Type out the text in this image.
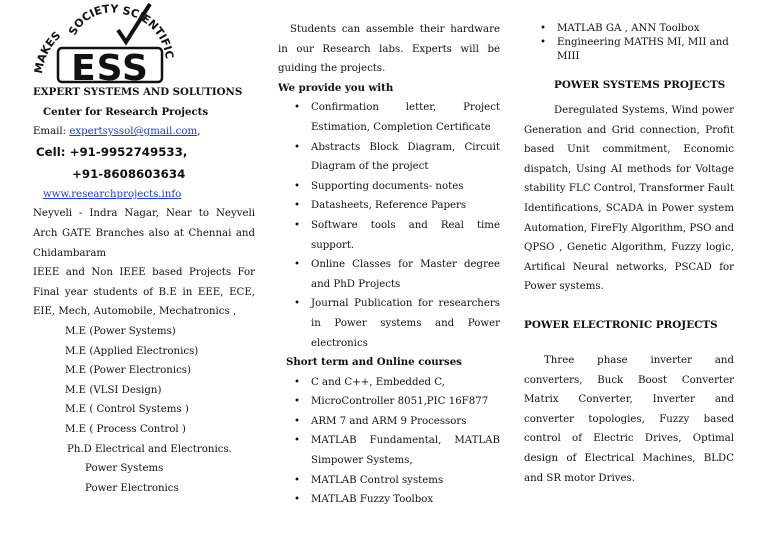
MAKES SOCIETY SCIENTIFIC
ESS
EXPERT SYSTEMS AND SOLUTIONS
Center for Research Projects
Email: expertsyssol@gmail.com,
Cell: +91-9952749533,
+91-8608603634
www.researchprojects.info
Neyveli - Indra Nagar, Near to Neyveli Arch GATE Branches also at Chennai and Chidambaram
IEEE and Non IEEE based Projects For Final year students of B.E in EEE, ECE, EIE, Mech, Automobile, Mechatronics ,
M.E (Power Systems)
M.E (Applied Electronics)
M.E (Power Electronics)
M.E (VLSI Design)
M.E ( Control Systems )
M.E ( Process Control )
Ph.D Electrical and Electronics.
Power Systems
Power Electronics
Students can assemble their hardware in our Research labs. Experts will be guiding the projects.
We provide you with
• Confirmation letter, Project Estimation, Completion Certificate
• Abstracts Block Diagram, Circuit Diagram of the project
• Supporting documents- notes
• Datasheets, Reference Papers
• Software tools and Real time support.
• Online Classes for Master degree and PhD Projects
• Journal Publication for researchers in Power systems and Power electronics
Short term and Online courses
• C and C++, Embedded C,
• MicroController 8051,PIC 16F877
• ARM 7 and ARM 9 Processors
• MATLAB Fundamental, MATLAB Simpower Systems,
• MATLAB Control systems
• MATLAB Fuzzy Toolbox
• MATLAB GA , ANN Toolbox
• Engineering MATHS MI, MII and MIII
POWER SYSTEMS PROJECTS
Deregulated Systems, Wind power Generation and Grid connection, Profit based Unit commitment, Economic dispatch, Using AI methods for Voltage stability FLC Control, Transformer Fault Identifications, SCADA in Power system Automation, FireFly Algorithm, PSO and QPSO , Genetic Algorithm, Fuzzy logic, Artifical Neural networks, PSCAD for Power systems.
POWER ELECTRONIC PROJECTS
Three phase inverter and converters, Buck Boost Converter Matrix Converter, Inverter and converter topologies, Fuzzy based control of Electric Drives, Optimal design of Electrical Machines, BLDC and SR motor Drives.
